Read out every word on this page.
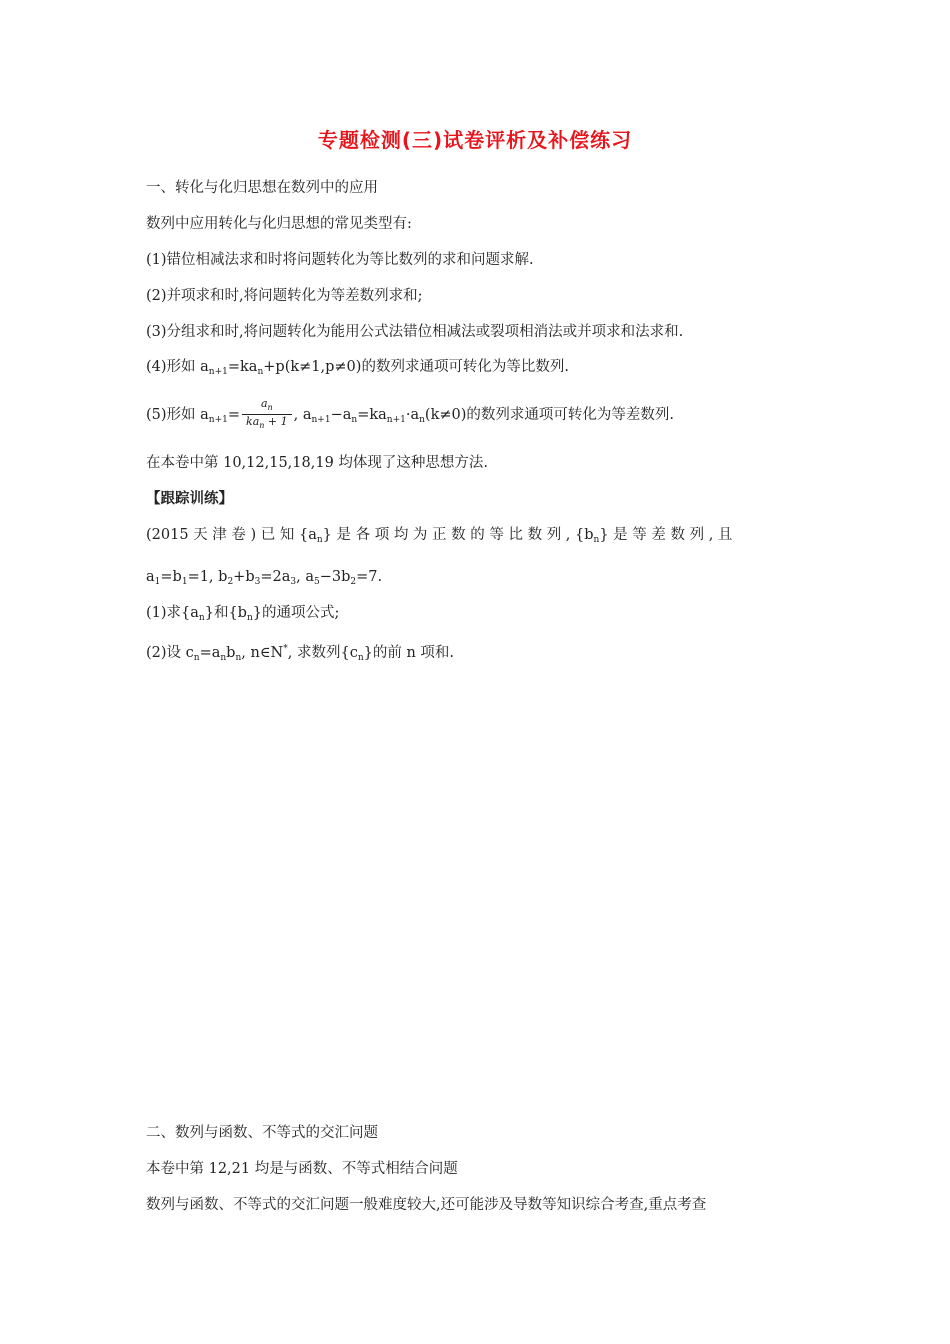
专题检测(三)试卷评析及补偿练习
一、转化与化归思想在数列中的应用
数列中应用转化与化归思想的常见类型有:
(1)错位相减法求和时将问题转化为等比数列的求和问题求解.
(2)并项求和时,将问题转化为等差数列求和;
(3)分组求和时,将问题转化为能用公式法错位相减法或裂项相消法或并项求和法求和.
(4)形如 $a_{n+1}=ka_n+p(k\ne 1,p\ne 0)$的数列求通项可转化为等比数列.
(5)形如 $a_{n+1}= \frac{a_n}{ka_n + 1}$ , $a_{n+1}-a_n=ka_{n+1}\cdot a_n(k\ne 0)$的数列求通项可转化为等差数列.
在本卷中第 10,12,15,18,19 均体现了这种思想方法.
【跟踪训练】
(2015 天 津 卷 ) 已 知 $\{a_n\}$ 是 各 项 均 为 正 数 的 等 比 数 列 , $\{b_n\}$ 是 等 差 数 列 , 且
$a_1=b_1=1$, $b_2+b_3=2a_3$, $a_5-3b_2=7$.
(1)求$\{a_n\}$和$\{b_n\}$的通项公式;
(2)设 $c_n=a_nb_n$, n∈N*, 求数列$\{c_n\}$的前 n 项和.
二、数列与函数、不等式的交汇问题
本卷中第 12,21 均是与函数、不等式相结合问题
数列与函数、不等式的交汇问题一般难度较大,还可能涉及导数等知识综合考查,重点考查
